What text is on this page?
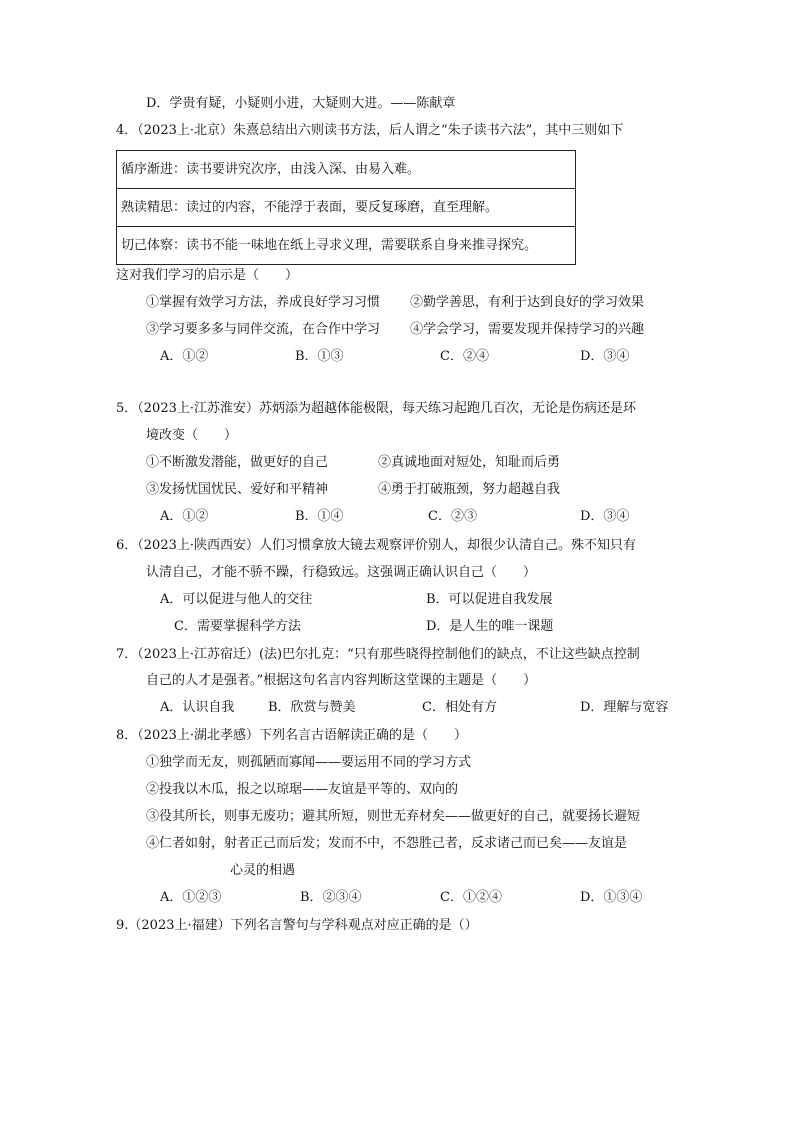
D．学贵有疑，小疑则小进，大疑则大进。——陈献章
4．（2023上·北京）朱熹总结出六则读书方法，后人谓之“朱子读书六法”，其中三则如下
循序渐进：读书要讲究次序，由浅入深、由易入难。
熟读精思：读过的内容，不能浮于表面，要反复琢磨，直至理解。
切己体察：读书不能一味地在纸上寻求义理，需要联系自身来推寻探究。
这对我们学习的启示是（　　）
①掌握有效学习方法，养成良好学习习惯 ②勤学善思，有利于达到良好的学习效果
③学习要多多与同伴交流，在合作中学习 ④学会学习，需要发现并保持学习的兴趣
A．①②	B．①③	C．②④	D．③④
5．（2023上·江苏淮安）苏炳添为超越体能极限，每天练习起跑几百次，无论是伤病还是环
境改变（　　）
①不断激发潜能，做更好的自己	②真诚地面对短处，知耻而后勇
③发扬忧国忧民、爱好和平精神	④勇于打破瓶颈，努力超越自我
A．①②	B．①④	C．②③	D．③④
6．（2023上·陕西西安）人们习惯拿放大镜去观察评价别人，却很少认清自己。殊不知只有
认清自己，才能不骄不躁，行稳致远。这强调正确认识自己（　　）
A．可以促进与他人的交往	B．可以促进自我发展
C．需要掌握科学方法	D．是人生的唯一课题
7．（2023上·江苏宿迁）(法)巴尔扎克：“只有那些晓得控制他们的缺点，不让这些缺点控制
自己的人才是强者。”根据这句名言内容判断这堂课的主题是（　　）
A．认识自我	B．欣赏与赞美	C．相处有方	D．理解与宽容
8．（2023上·湖北孝感）下列名言古语解读正确的是（　　）
①独学而无友，则孤陋而寡闻——要运用不同的学习方式
②投我以木瓜，报之以琼琚——友谊是平等的、双向的
③役其所长，则事无废功；避其所短，则世无弃材矣——做更好的自己，就要扬长避短
④仁者如射，射者正己而后发；发而不中，不怨胜己者，反求诸己而已矣——友谊是
心灵的相遇
A．①②③	B．②③④	C．①②④	D．①③④
9.（2023上·福建）下列名言警句与学科观点对应正确的是（）
